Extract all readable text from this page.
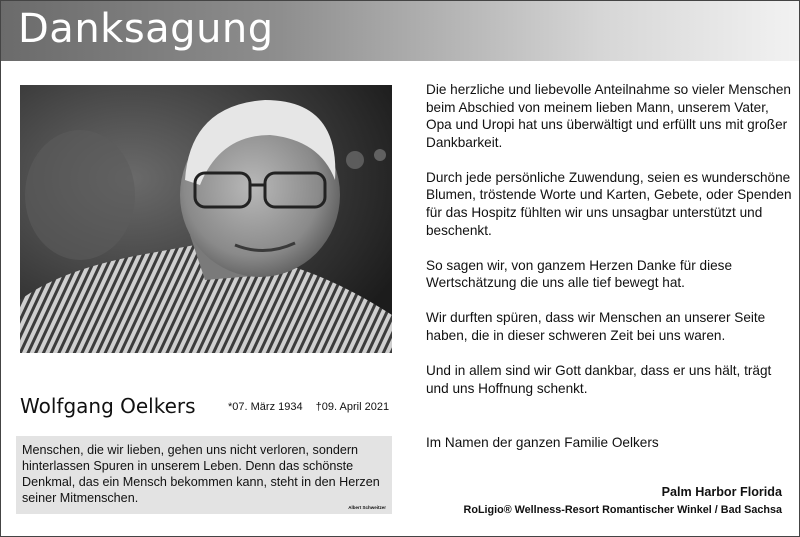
Danksagung
Wolfgang Oelkers	*07. März 1934 †09. April 2021
Menschen, die wir lieben, gehen uns nicht verloren, sondern hinterlassen Spuren in unserem Leben. Denn das schönste Denkmal, das ein Mensch bekommen kann, steht in den Herzen seiner Mitmenschen.
Albert Schweitzer

Die herzliche und liebevolle Anteilnahme so vieler Menschen beim Abschied von meinem lieben Mann, unserem Vater, Opa und Uropi hat uns überwältigt und erfüllt uns mit großer Dankbarkeit.

Durch jede persönliche Zuwendung, seien es wunderschöne Blumen, tröstende Worte und Karten, Gebete, oder Spenden für das Hospitz fühlten wir uns unsagbar unterstützt und beschenkt.

So sagen wir, von ganzem Herzen Danke für diese Wertschätzung die uns alle tief bewegt hat.

Wir durften spüren, dass wir Menschen an unserer Seite haben, die in dieser schweren Zeit bei uns waren.

Und in allem sind wir Gott dankbar, dass er uns hält, trägt und uns Hoffnung schenkt.

Im Namen der ganzen Familie Oelkers
Palm Harbor Florida
RoLigio® Wellness-Resort Romantischer Winkel / Bad Sachsa
